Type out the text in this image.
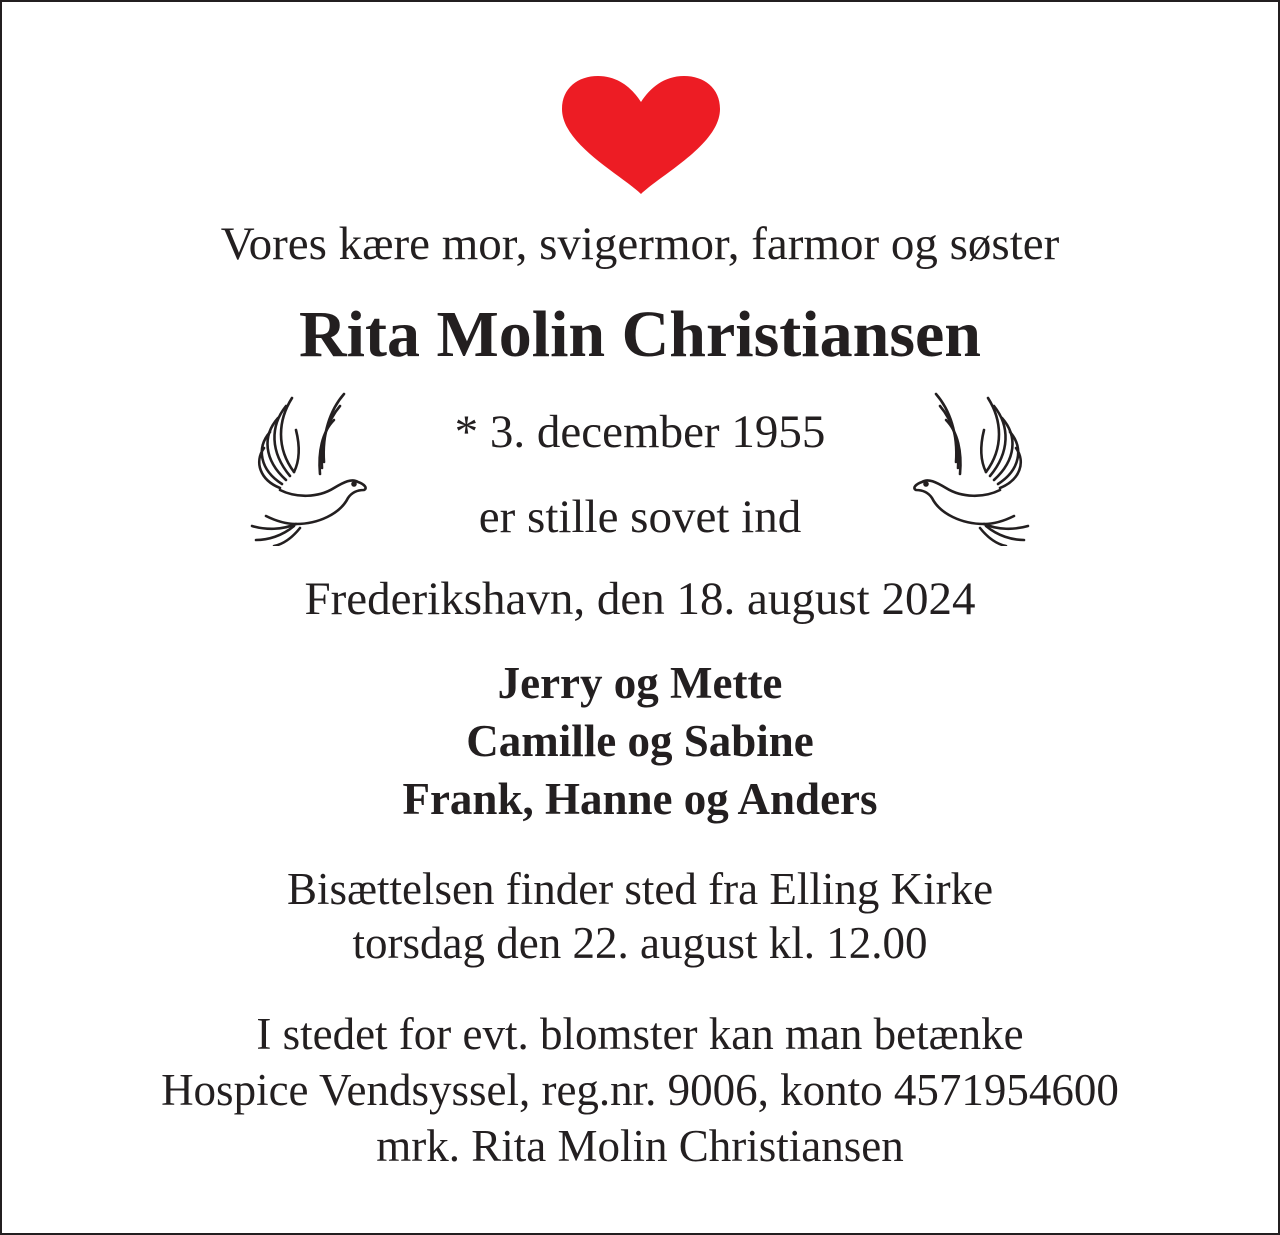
Vores kære mor, svigermor, farmor og søster
Rita Molin Christiansen
* 3. december 1955
er stille sovet ind
Frederikshavn, den 18. august 2024
Jerry og Mette
Camille og Sabine
Frank, Hanne og Anders
Bisættelsen finder sted fra Elling Kirke
torsdag den 22. august kl. 12.00
I stedet for evt. blomster kan man betænke
Hospice Vendsyssel, reg.nr. 9006, konto 4571954600
mrk. Rita Molin Christiansen
